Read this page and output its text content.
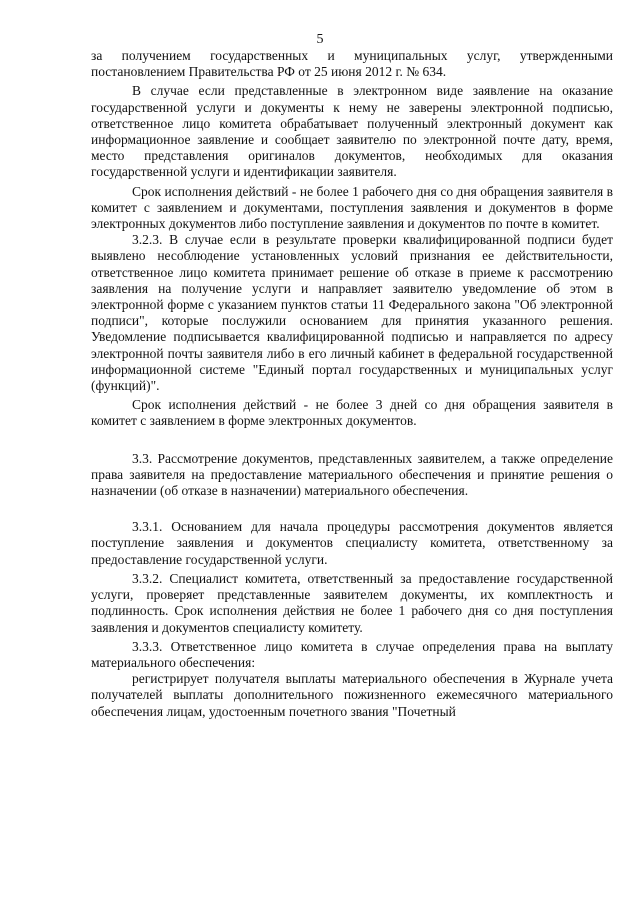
5

за получением государственных и муниципальных услуг, утвержденными постановлением Правительства РФ от 25 июня 2012 г. № 634.

В случае если представленные в электронном виде заявление на оказание государственной услуги и документы к нему не заверены электронной подписью, ответственное лицо комитета обрабатывает полученный электронный документ как информационное заявление и сообщает заявителю по электронной почте дату, время, место представления оригиналов документов, необходимых для оказания государственной услуги и идентификации заявителя.

Срок исполнения действий - не более 1 рабочего дня со дня обращения заявителя в комитет с заявлением и документами, поступления заявления и документов в форме электронных документов либо поступление заявления и документов по почте в комитет.

3.2.3. В случае если в результате проверки квалифицированной подписи будет выявлено несоблюдение установленных условий признания ее действительности, ответственное лицо комитета принимает решение об отказе в приеме к рассмотрению заявления на получение услуги и направляет заявителю уведомление об этом в электронной форме с указанием пунктов статьи 11 Федерального закона "Об электронной подписи", которые послужили основанием для принятия указанного решения. Уведомление подписывается квалифицированной подписью и направляется по адресу электронной почты заявителя либо в его личный кабинет в федеральной государственной информационной системе "Единый портал государственных и муниципальных услуг (функций)".

Срок исполнения действий - не более 3 дней со дня обращения заявителя в комитет с заявлением в форме электронных документов.

3.3. Рассмотрение документов, представленных заявителем, а также определение права заявителя на предоставление материального обеспечения и принятие решения о назначении (об отказе в назначении) материального обеспечения.

3.3.1. Основанием для начала процедуры рассмотрения документов является поступление заявления и документов специалисту комитета, ответственному за предоставление государственной услуги.

3.3.2. Специалист комитета, ответственный за предоставление государственной услуги, проверяет представленные заявителем документы, их комплектность и подлинность. Срок исполнения действия не более 1 рабочего дня со дня поступления заявления и документов специалисту комитету.

3.3.3. Ответственное лицо комитета в случае определения права на выплату материального обеспечения:

регистрирует получателя выплаты материального обеспечения в Журнале учета получателей выплаты дополнительного пожизненного ежемесячного материального обеспечения лицам, удостоенным почетного звания "Почетный
